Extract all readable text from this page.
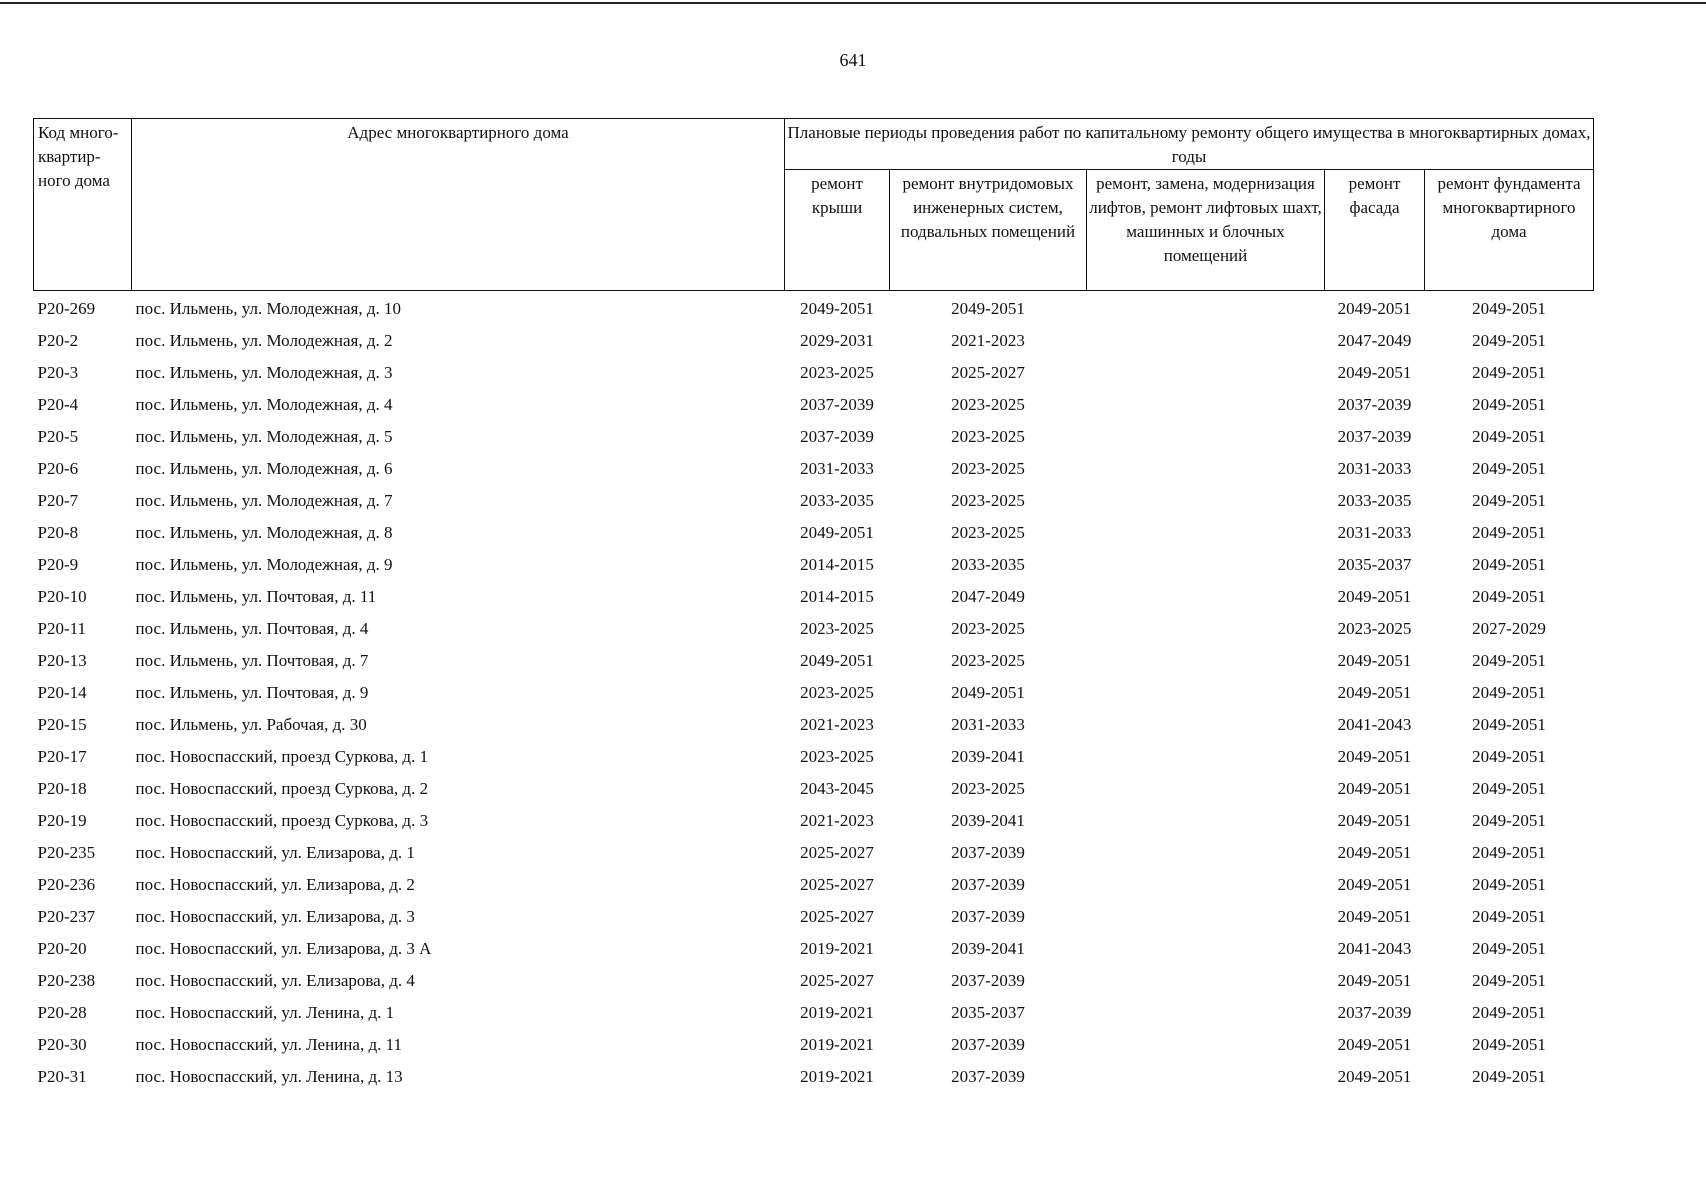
641
Код много-квартир-ного дома	Адрес многоквартирного дома	Плановые периоды проведения работ по капитальному ремонту общего имущества в многоквартирных домах, годы				
		ремонт крыши	ремонт внутридомовых инженерных систем, подвальных помещений	ремонт, замена, модернизация лифтов, ремонт лифтовых шахт, машинных и блочных помещений	ремонт фасада	ремонт фундамента многоквартирного дома
P20-269	пос. Ильмень, ул. Молодежная, д. 10	2049-2051	2049-2051		2049-2051	2049-2051
P20-2	пос. Ильмень, ул. Молодежная, д. 2	2029-2031	2021-2023		2047-2049	2049-2051
P20-3	пос. Ильмень, ул. Молодежная, д. 3	2023-2025	2025-2027		2049-2051	2049-2051
P20-4	пос. Ильмень, ул. Молодежная, д. 4	2037-2039	2023-2025		2037-2039	2049-2051
P20-5	пос. Ильмень, ул. Молодежная, д. 5	2037-2039	2023-2025		2037-2039	2049-2051
P20-6	пос. Ильмень, ул. Молодежная, д. 6	2031-2033	2023-2025		2031-2033	2049-2051
P20-7	пос. Ильмень, ул. Молодежная, д. 7	2033-2035	2023-2025		2033-2035	2049-2051
P20-8	пос. Ильмень, ул. Молодежная, д. 8	2049-2051	2023-2025		2031-2033	2049-2051
P20-9	пос. Ильмень, ул. Молодежная, д. 9	2014-2015	2033-2035		2035-2037	2049-2051
P20-10	пос. Ильмень, ул. Почтовая, д. 11	2014-2015	2047-2049		2049-2051	2049-2051
P20-11	пос. Ильмень, ул. Почтовая, д. 4	2023-2025	2023-2025		2023-2025	2027-2029
P20-13	пос. Ильмень, ул. Почтовая, д. 7	2049-2051	2023-2025		2049-2051	2049-2051
P20-14	пос. Ильмень, ул. Почтовая, д. 9	2023-2025	2049-2051		2049-2051	2049-2051
P20-15	пос. Ильмень, ул. Рабочая, д. 30	2021-2023	2031-2033		2041-2043	2049-2051
P20-17	пос. Новоспасский, проезд Суркова, д. 1	2023-2025	2039-2041		2049-2051	2049-2051
P20-18	пос. Новоспасский, проезд Суркова, д. 2	2043-2045	2023-2025		2049-2051	2049-2051
P20-19	пос. Новоспасский, проезд Суркова, д. 3	2021-2023	2039-2041		2049-2051	2049-2051
P20-235	пос. Новоспасский, ул. Елизарова, д. 1	2025-2027	2037-2039		2049-2051	2049-2051
P20-236	пос. Новоспасский, ул. Елизарова, д. 2	2025-2027	2037-2039		2049-2051	2049-2051
P20-237	пос. Новоспасский, ул. Елизарова, д. 3	2025-2027	2037-2039		2049-2051	2049-2051
P20-20	пос. Новоспасский, ул. Елизарова, д. 3 А	2019-2021	2039-2041		2041-2043	2049-2051
P20-238	пос. Новоспасский, ул. Елизарова, д. 4	2025-2027	2037-2039		2049-2051	2049-2051
P20-28	пос. Новоспасский, ул. Ленина, д. 1	2019-2021	2035-2037		2037-2039	2049-2051
P20-30	пос. Новоспасский, ул. Ленина, д. 11	2019-2021	2037-2039		2049-2051	2049-2051
P20-31	пос. Новоспасский, ул. Ленина, д. 13	2019-2021	2037-2039		2049-2051	2049-2051
